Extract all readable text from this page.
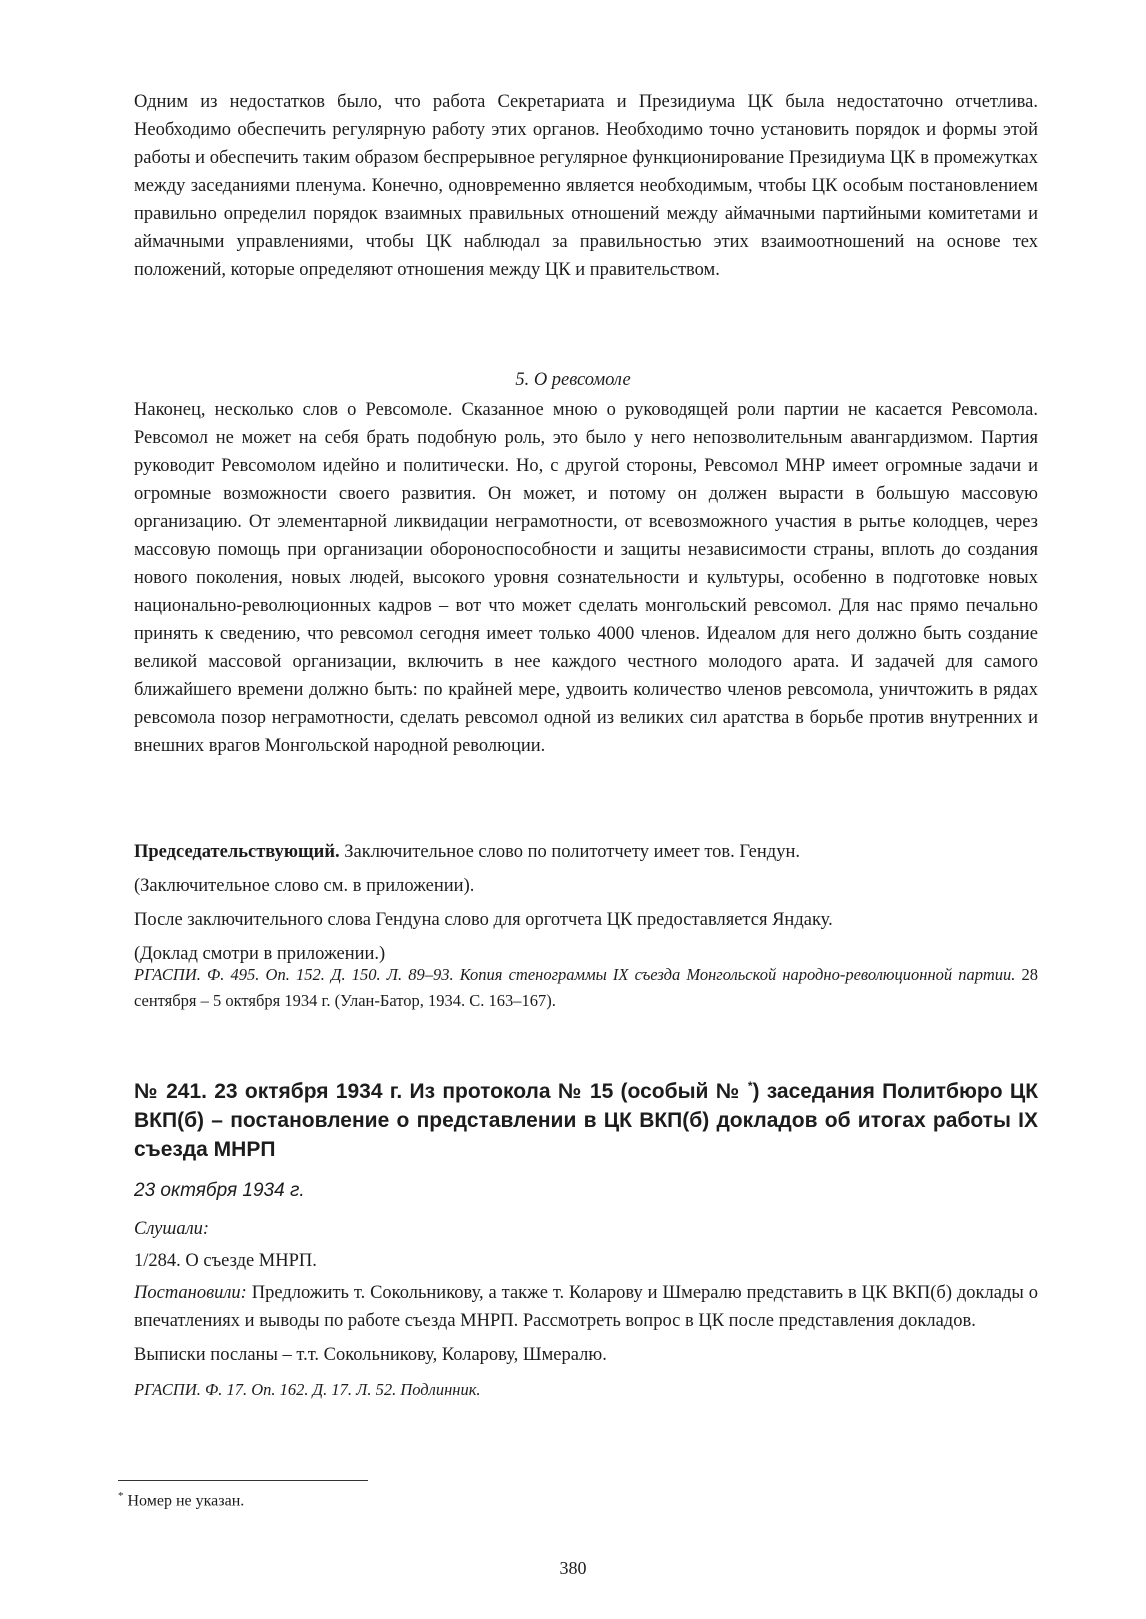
Одним из недостатков было, что работа Секретариата и Президиума ЦК была недостаточно отчетлива. Необходимо обеспечить регулярную работу этих органов. Необходимо точно установить порядок и формы этой работы и обеспечить таким образом беспрерывное регулярное функционирование Президиума ЦК в промежутках между заседаниями пленума. Конечно, одновременно является необходимым, чтобы ЦК особым постановлением правильно определил порядок взаимных правильных отношений между аймачными партийными комитетами и аймачными управлениями, чтобы ЦК наблюдал за правильностью этих взаимоотношений на основе тех положений, которые определяют отношения между ЦК и правительством.

5. О ревсомоле

Наконец, несколько слов о Ревсомоле. Сказанное мною о руководящей роли партии не касается Ревсомола. Ревсомол не может на себя брать подобную роль, это было у него непозволительным авангардизмом. Партия руководит Ревсомолом идейно и политически. Но, с другой стороны, Ревсомол МНР имеет огромные задачи и огромные возможности своего развития. Он может, и потому он должен вырасти в большую массовую организацию. От элементарной ликвидации неграмотности, от всевозможного участия в рытье колодцев, через массовую помощь при организации обороноспособности и защиты независимости страны, вплоть до создания нового поколения, новых людей, высокого уровня сознательности и культуры, особенно в подготовке новых национально-революционных кадров – вот что может сделать монгольский ревсомол. Для нас прямо печально принять к сведению, что ревсомол сегодня имеет только 4000 членов. Идеалом для него должно быть создание великой массовой организации, включить в нее каждого честного молодого арата. И задачей для самого ближайшего времени должно быть: по крайней мере, удвоить количество членов ревсомола, уничтожить в рядах ревсомола позор неграмотности, сделать ревсомол одной из великих сил аратства в борьбе против внутренних и внешних врагов Монгольской народной революции.

Председательствующий. Заключительное слово по политотчету имеет тов. Гендун.

(Заключительное слово см. в приложении).

После заключительного слова Гендуна слово для орготчета ЦК предоставляется Яндаку.

(Доклад смотри в приложении.)

РГАСПИ. Ф. 495. Оп. 152. Д. 150. Л. 89–93. Копия стенограммы IX съезда Монгольской народно-революционной партии. 28 сентября – 5 октября 1934 г. (Улан-Батор, 1934. С. 163–167).

№ 241. 23 октября 1934 г. Из протокола № 15 (особый № *) заседания Политбюро ЦК ВКП(б) – постановление о представлении в ЦК ВКП(б) докладов об итогах работы IX съезда МНРП

23 октября 1934 г.

Слушали:

1/284. О съезде МНРП.

Постановили: Предложить т. Сокольникову, а также т. Коларову и Шмералю представить в ЦК ВКП(б) доклады о впечатлениях и выводы по работе съезда МНРП. Рассмотреть вопрос в ЦК после представления докладов.

Выписки посланы – т.т. Сокольникову, Коларову, Шмералю.

РГАСПИ. Ф. 17. Оп. 162. Д. 17. Л. 52. Подлинник.

* Номер не указан.
380
